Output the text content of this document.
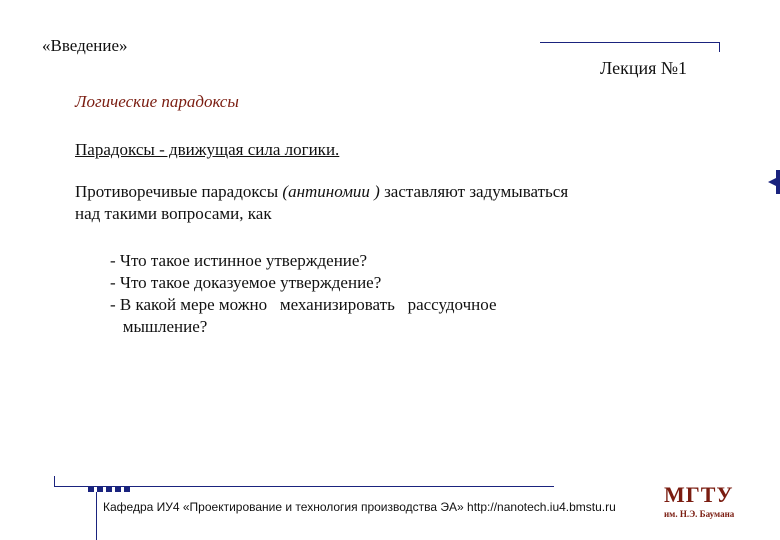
«Введение»
Лекция №1
Логические парадоксы
Парадоксы - движущая сила логики.
Противоречивые парадоксы (антиномии ) заставляют задумываться над такими вопросами, как
- Что такое истинное утверждение?
- Что такое доказуемое утверждение?
- В какой мере можно   механизировать   рассудочное
мышление?
Кафедра ИУ4 «Проектирование и технология производства ЭА» http://nanotech.iu4.bmstu.ru МГТУ
им. Н.Э. Баумана
